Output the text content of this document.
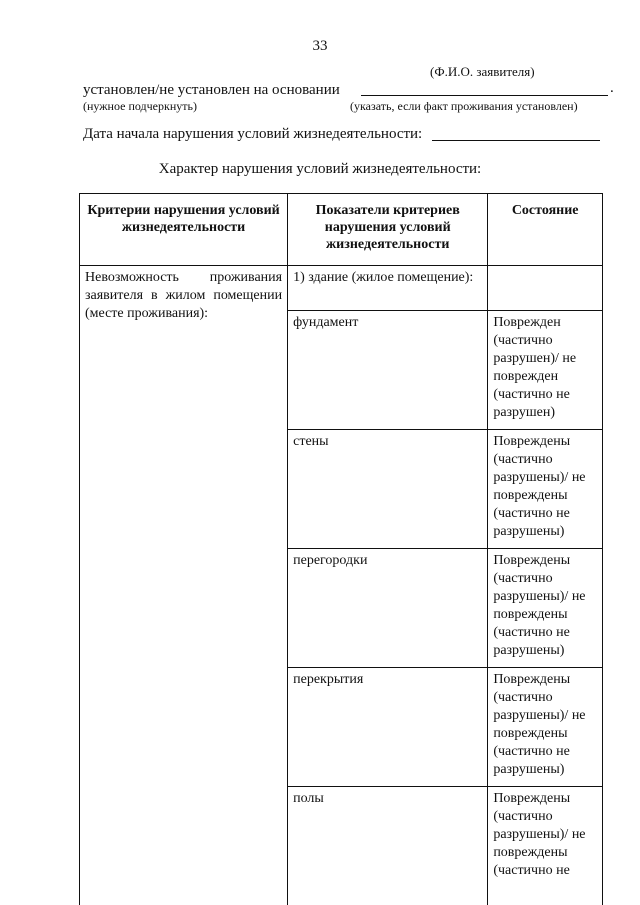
33
(Ф.И.О. заявителя)
установлен/не установлен на основании	.
(нужное подчеркнуть)	(указать, если факт проживания установлен)
Дата начала нарушения условий жизнедеятельности:
Характер нарушения условий жизнедеятельности:
Критерии нарушения условий жизнедеятельности	Показатели критериев нарушения условий жизнедеятельности	Состояние
Невозможность проживания заявителя в жилом помещении (месте проживания):	1) здание (жилое помещение):	
	фундамент	Поврежден (частично разрушен)/ не поврежден (частично не разрушен)
	стены	Повреждены (частично разрушены)/ не повреждены (частично не разрушены)
	перегородки	Повреждены (частично разрушены)/ не повреждены (частично не разрушены)
	перекрытия	Повреждены (частично разрушены)/ не повреждены (частично не разрушены)
	полы	Повреждены (частично разрушены)/ не повреждены (частично не
